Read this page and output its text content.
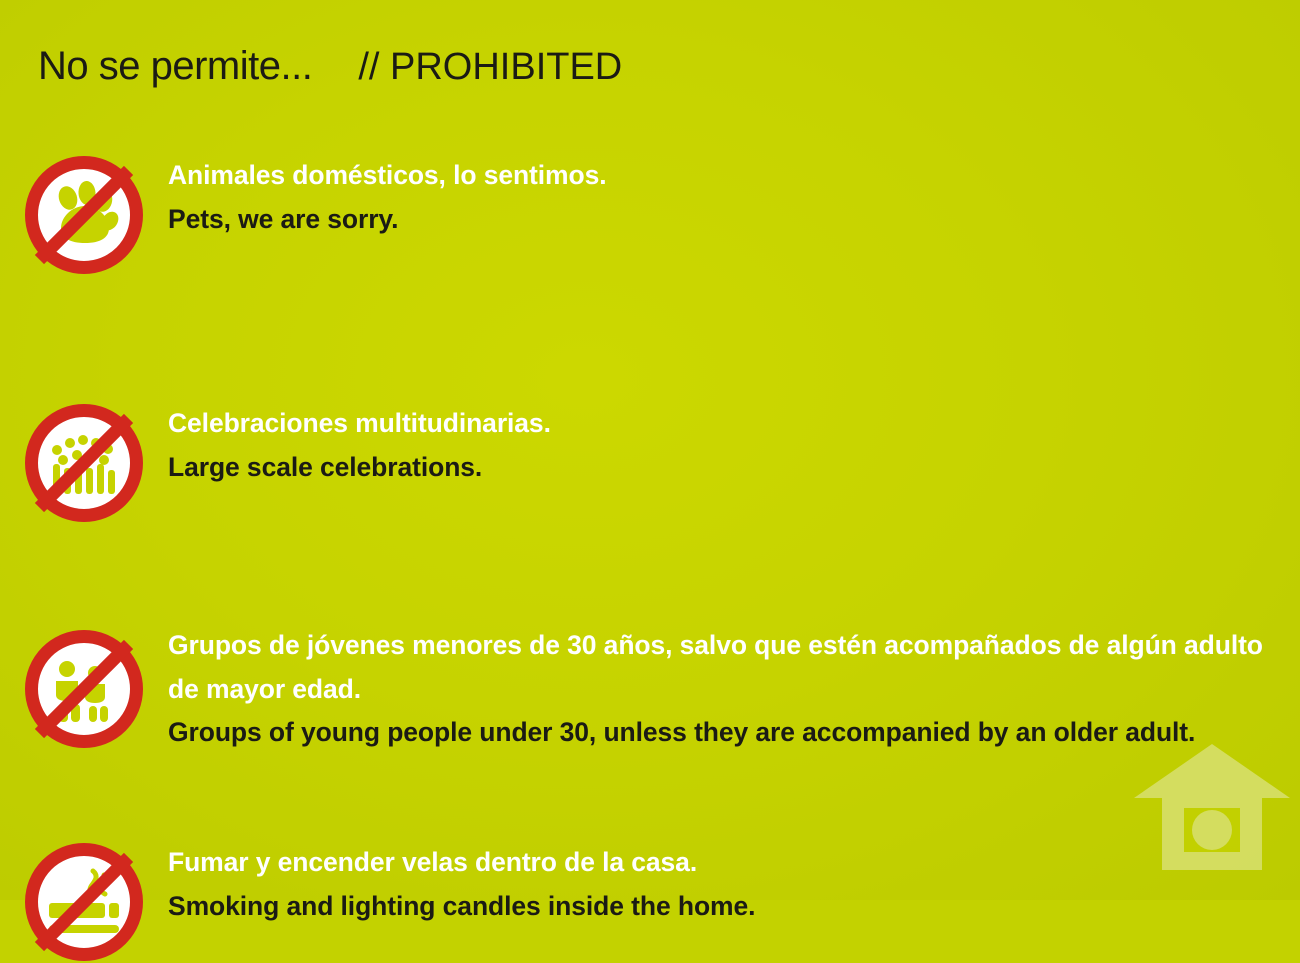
No se permite... // PROHIBITED
Animales domésticos, lo sentimos.
Pets, we are sorry.
Celebraciones multitudinarias.
Large scale celebrations.
Grupos de jóvenes menores de 30 años, salvo que estén acompañados de algún adulto de mayor edad.
Groups of young people under 30, unless they are accompanied by an older adult.
Fumar y encender velas dentro de la casa.
Smoking and lighting candles inside the home.
